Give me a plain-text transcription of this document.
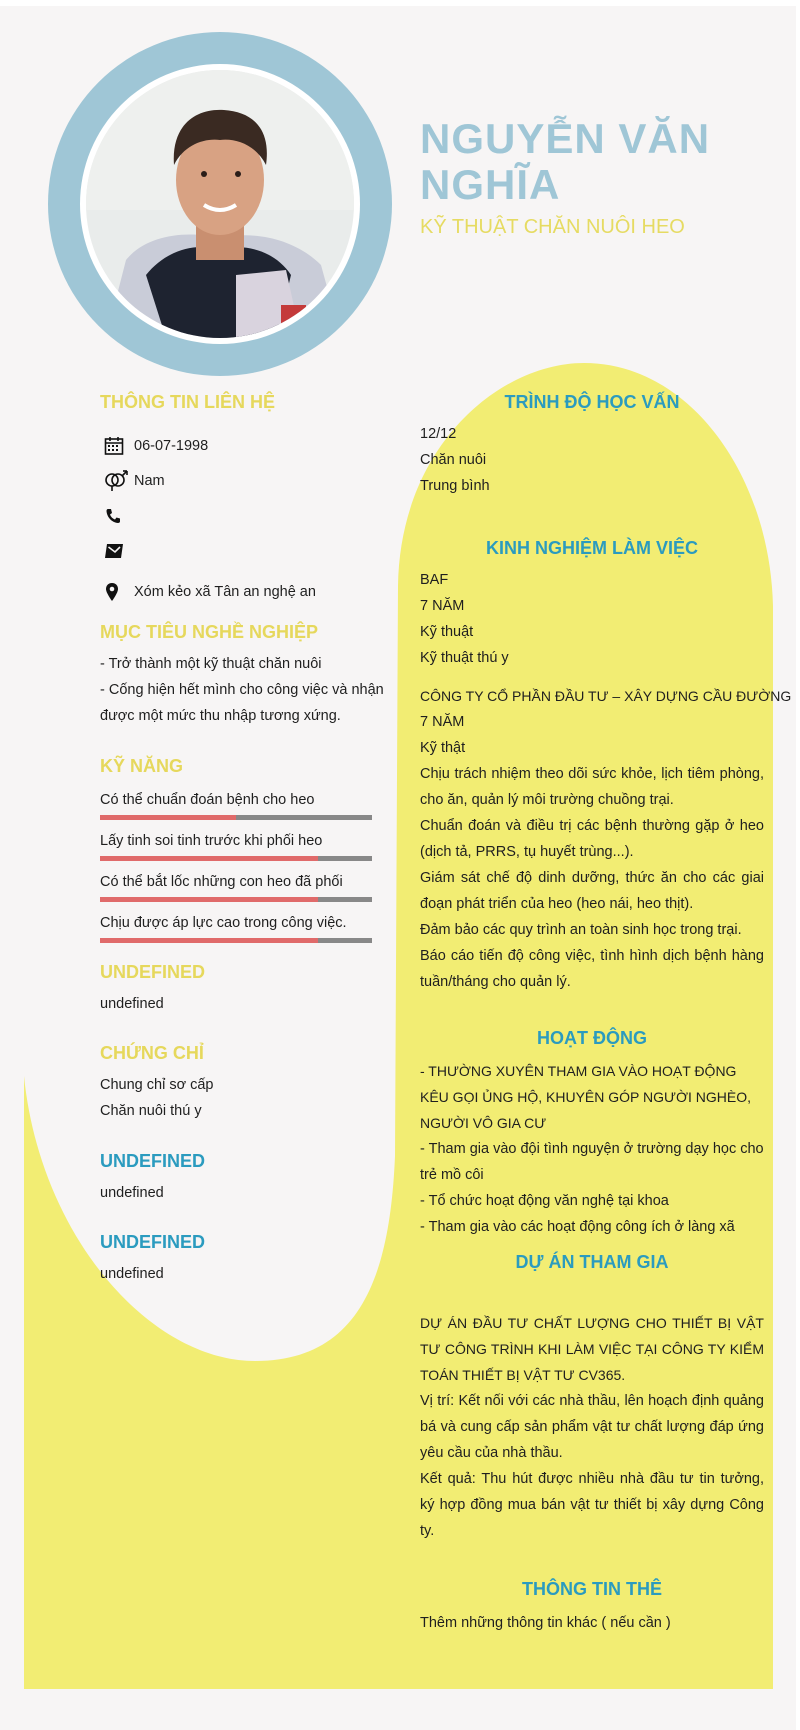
NGUYỄN VĂN NGHĨA
KỸ THUẬT CHĂN NUÔI HEO
THÔNG TIN LIÊN HỆ
06-07-1998
Nam
Xóm kẻo xã Tân an nghệ an
MỤC TIÊU NGHỀ NGHIỆP
- Trở thành một kỹ thuật chăn nuôi
- Cống hiện hết mình cho công việc và nhận
được một mức thu nhập tương xứng.
KỸ NĂNG
Có thể chuẩn đoán bệnh cho heo
Lấy tinh soi tinh trước khi phối heo
Có thể bắt lốc những con heo đã phối
Chịu được áp lực cao trong công việc.
UNDEFINED
undefined
CHỨNG CHỈ
Chung chỉ sơ cấp
Chăn nuôi thú y
UNDEFINED
undefined
UNDEFINED
undefined
TRÌNH ĐỘ HỌC VẤN

12/12

Chăn nuôi

Trung bình

KINH NGHIỆM LÀM VIỆC

BAF

7 NĂM

Kỹ thuật

Kỹ thuật thú y

CÔNG TY CỔ PHẦN ĐẦU TƯ – XÂY DỰNG CẦU ĐƯỜNG

7 NĂM

Kỹ thật

Chịu trách nhiệm theo dõi sức khỏe, lịch tiêm phòng, cho ăn, quản lý môi trường chuồng trại.

Chuẩn đoán và điều trị các bệnh thường gặp ở heo (dịch tả, PRRS, tụ huyết trùng...).

Giám sát chế độ dinh dưỡng, thức ăn cho các giai đoạn phát triển của heo (heo nái, heo thịt).

Đảm bảo các quy trình an toàn sinh học trong trại.

Báo cáo tiến độ công việc, tình hình dịch bệnh hàng tuần/tháng cho quản lý.

HOẠT ĐỘNG

- THƯỜNG XUYÊN THAM GIA VÀO HOẠT ĐỘNG KÊU GỌI ỦNG HỘ, KHUYÊN GÓP NGƯỜI NGHÈO, NGƯỜI VÔ GIA CƯ

- Tham gia vào đội tình nguyện ở trường dạy học cho trẻ mồ côi

- Tổ chức hoạt động văn nghệ tại khoa

- Tham gia vào các hoạt động công ích ở làng xã

DỰ ÁN THAM GIA

DỰ ÁN ĐẦU TƯ CHẤT LƯỢNG CHO THIẾT BỊ VẬT TƯ CÔNG TRÌNH KHI LÀM VIỆC TẠI CÔNG TY KIỂM TOÁN THIẾT BỊ VẬT TƯ CV365.

Vị trí: Kết nối với các nhà thầu, lên hoạch định quảng bá và cung cấp sản phẩm vật tư chất lượng đáp ứng yêu cầu của nhà thầu.

Kết quả: Thu hút được nhiều nhà đầu tư tin tưởng, ký hợp đồng mua bán vật tư thiết bị xây dựng Công ty.

THÔNG TIN THÊ
Thêm những thông tin khác ( nếu cần )
